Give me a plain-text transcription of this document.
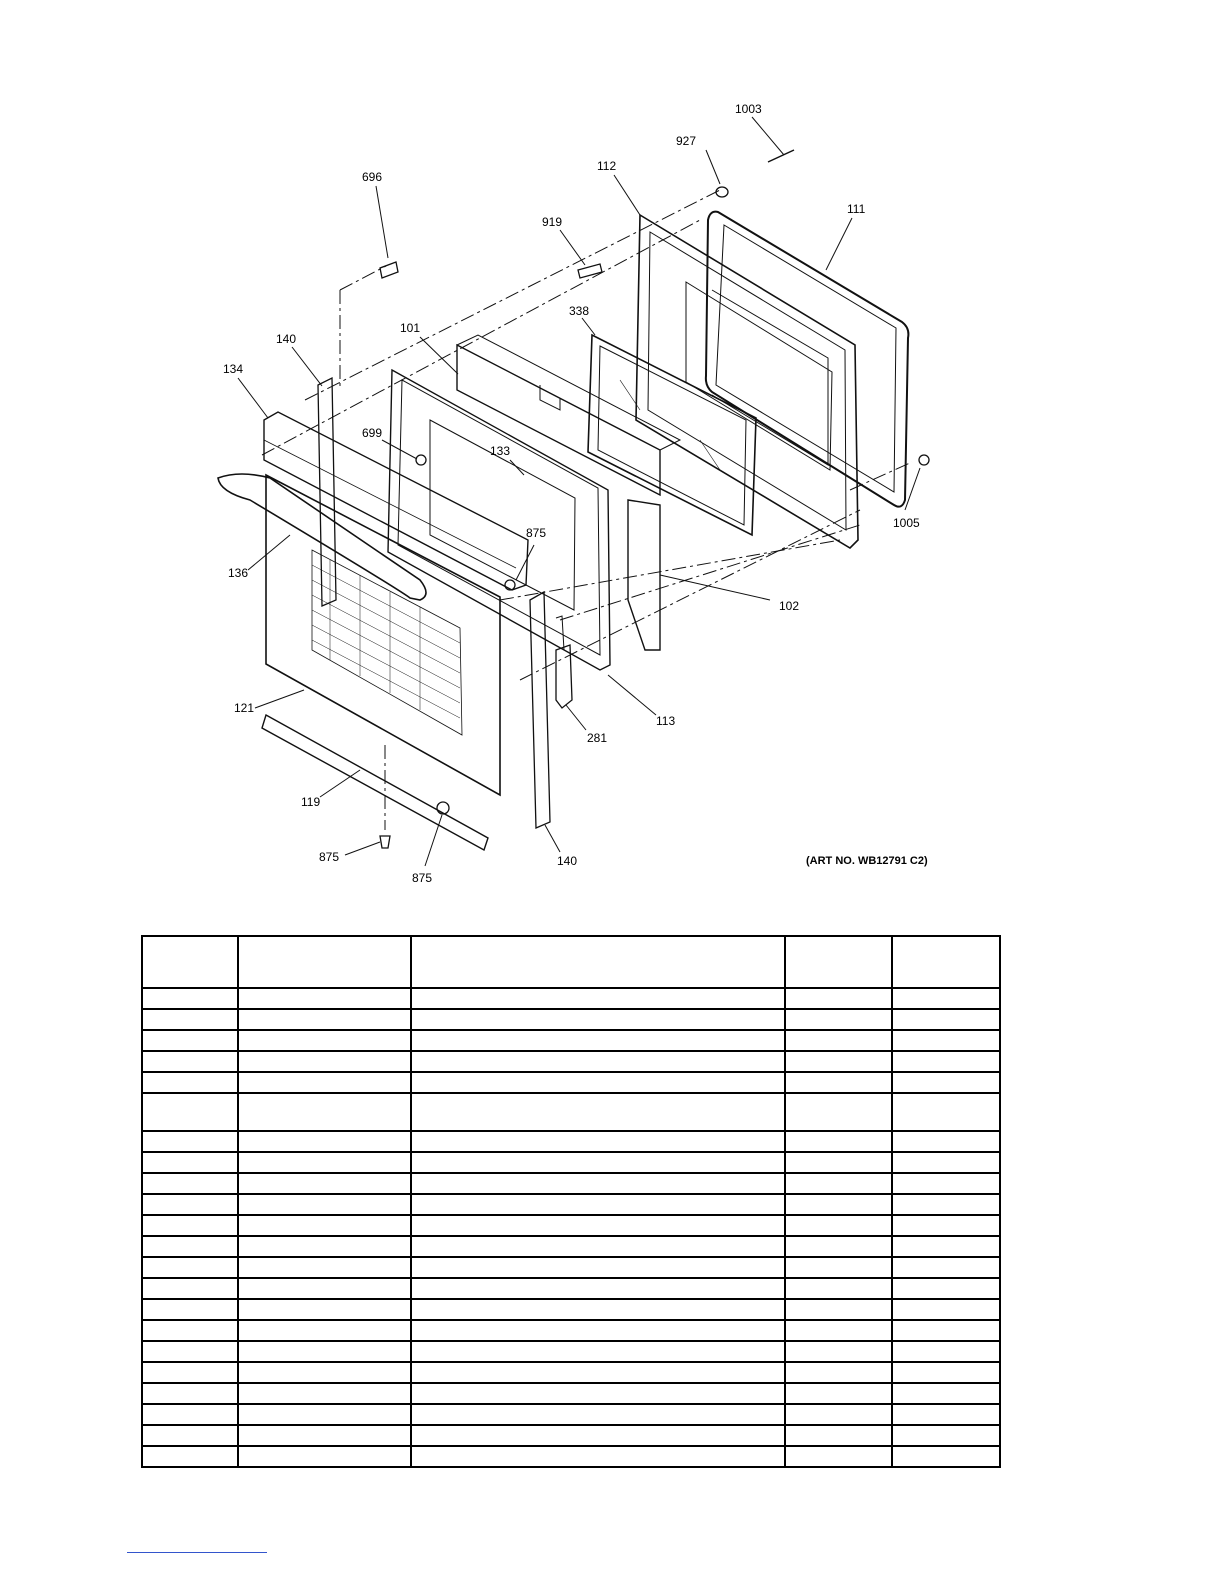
1003
927
696
112
111
919
338
140
101
134
699
133
875
136
102
1005
121
281
113
119
875
875
140	(ART NO. WB12791 C2)
